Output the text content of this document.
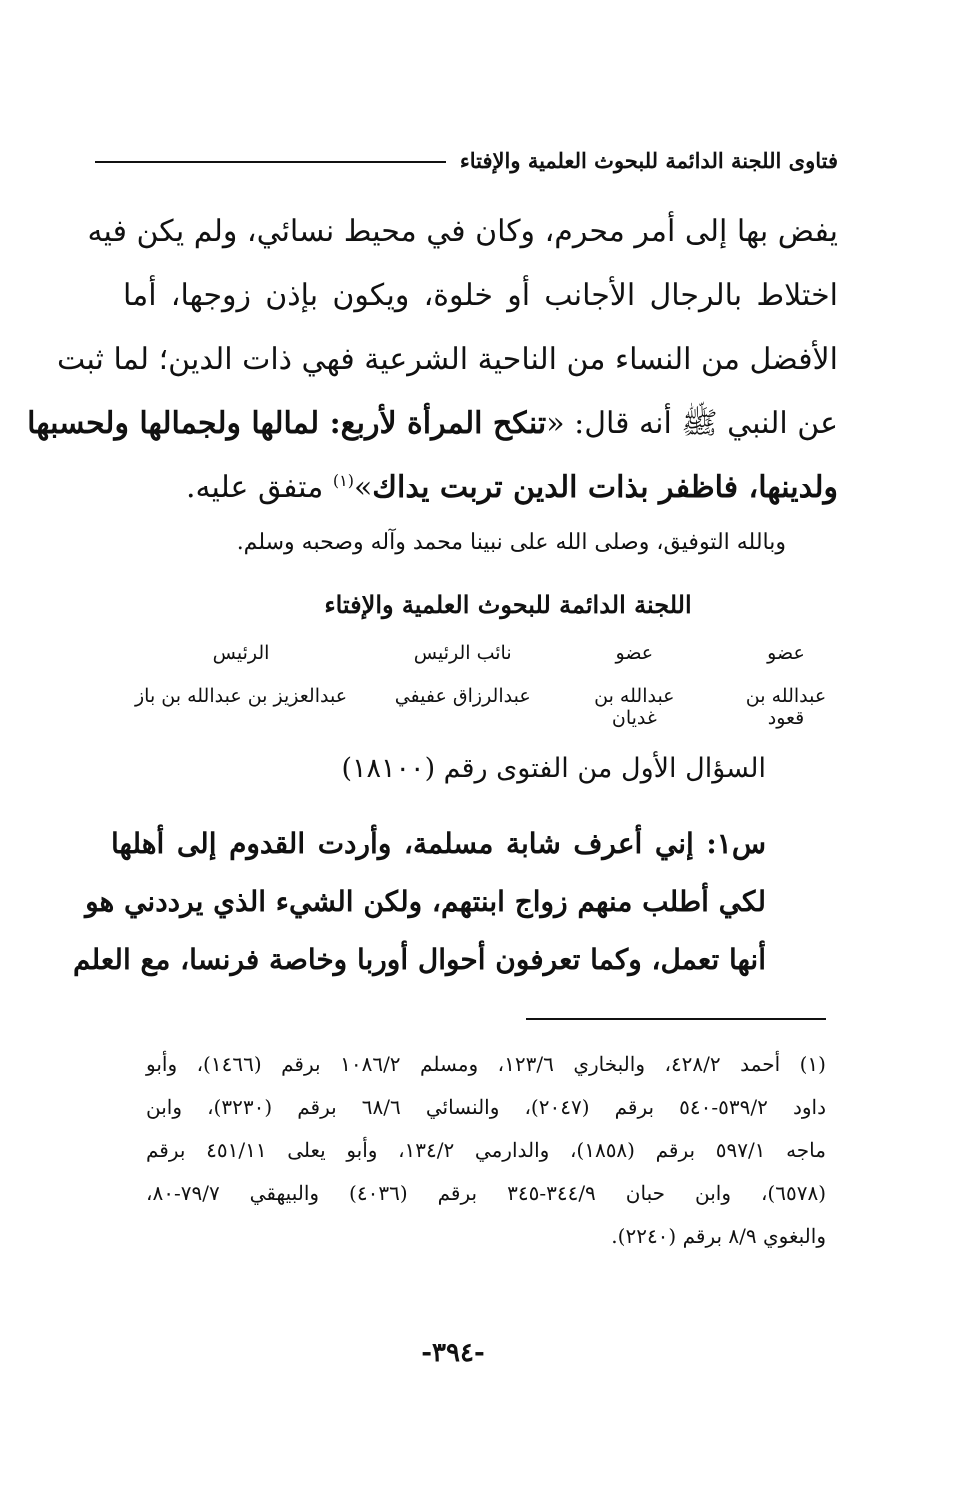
فتاوى اللجنة الدائمة للبحوث العلمية والإفتاء
يفض بها إلى أمر محرم، وكان في محيط نسائي، ولم يكن فيه
اختلاط بالرجال الأجانب أو خلوة، ويكون بإذن زوجها، أما
الأفضل من النساء من الناحية الشرعية فهي ذات الدين؛ لما ثبت
عن النبي ﷺ أنه قال: «تنكح المرأة لأربع: لمالها ولجمالها ولحسبها
ولدينها، فاظفر بذات الدين تربت يداك»$^{(١)}$ متفق عليه.
وبالله التوفيق، وصلى الله على نبينا محمد وآله وصحبه وسلم.
اللجنة الدائمة للبحوث العلمية والإفتاء
عضو
عضو
نائب الرئيس
الرئيس
عبدالله بن قعود
عبدالله بن غديان
عبدالرزاق عفيفي
عبدالعزيز بن عبدالله بن باز
السؤال الأول من الفتوى رقم (١٨١٠٠)
س١: إني أعرف شابة مسلمة، وأردت القدوم إلى أهلها
لكي أطلب منهم زواج ابنتهم، ولكن الشيء الذي يرددني هو
أنها تعمل، وكما تعرفون أحوال أوربا وخاصة فرنسا، مع العلم
(١) أحمد ٤٢٨/٢، والبخاري ١٢٣/٦، ومسلم ١٠٨٦/٢ برقم (١٤٦٦)، وأبو
داود ٥٣٩/٢-٥٤٠ برقم (٢٠٤٧)، والنسائي ٦٨/٦ برقم (٣٢٣٠)، وابن
ماجه ٥٩٧/١ برقم (١٨٥٨)، والدارمي ١٣٤/٢، وأبو يعلى ٤٥١/١١ برقم
(٦٥٧٨)، وابن حبان ٣٤٤/٩-٣٤٥ برقم (٤٠٣٦) والبيهقي ٧٩/٧-٨٠،
والبغوي ٨/٩ برقم (٢٢٤٠).
-٣٩٤-
